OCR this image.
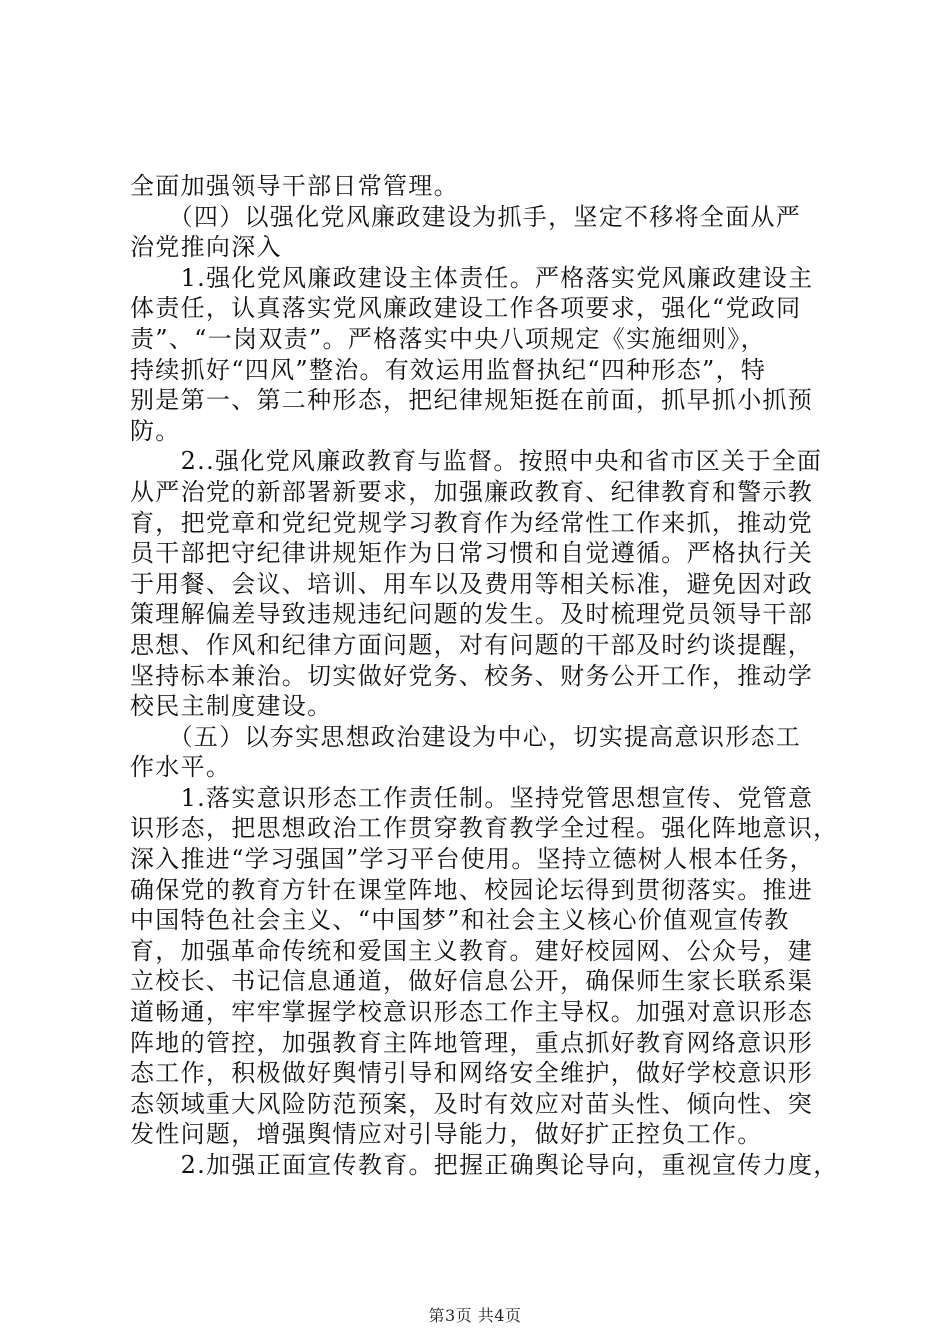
全面加强领导干部日常管理。
　　（四）以强化党风廉政建设为抓手，坚定不移将全面从严
治党推向深入
　　1.强化党风廉政建设主体责任。严格落实党风廉政建设主
体责任，认真落实党风廉政建设工作各项要求，强化“党政同
责”、“一岗双责”。严格落实中央八项规定《实施细则》，
持续抓好“四风”整治。有效运用监督执纪“四种形态”，特
别是第一、第二种形态，把纪律规矩挺在前面，抓早抓小抓预
防。
　　2..强化党风廉政教育与监督。按照中央和省市区关于全面
从严治党的新部署新要求，加强廉政教育、纪律教育和警示教
育，把党章和党纪党规学习教育作为经常性工作来抓，推动党
员干部把守纪律讲规矩作为日常习惯和自觉遵循。严格执行关
于用餐、会议、培训、用车以及费用等相关标准，避免因对政
策理解偏差导致违规违纪问题的发生。及时梳理党员领导干部
思想、作风和纪律方面问题，对有问题的干部及时约谈提醒，
坚持标本兼治。切实做好党务、校务、财务公开工作，推动学
校民主制度建设。
　　（五）以夯实思想政治建设为中心，切实提高意识形态工
作水平。
　　1.落实意识形态工作责任制。坚持党管思想宣传、党管意
识形态，把思想政治工作贯穿教育教学全过程。强化阵地意识，
深入推进“学习强国”学习平台使用。坚持立德树人根本任务，
确保党的教育方针在课堂阵地、校园论坛得到贯彻落实。推进
中国特色社会主义、“中国梦”和社会主义核心价值观宣传教
育，加强革命传统和爱国主义教育。建好校园网、公众号，建
立校长、书记信息通道，做好信息公开，确保师生家长联系渠
道畅通，牢牢掌握学校意识形态工作主导权。加强对意识形态
阵地的管控，加强教育主阵地管理，重点抓好教育网络意识形
态工作，积极做好舆情引导和网络安全维护，做好学校意识形
态领域重大风险防范预案，及时有效应对苗头性、倾向性、突
发性问题，增强舆情应对引导能力，做好扩正控负工作。
　　2.加强正面宣传教育。把握正确舆论导向，重视宣传力度，
第3页 共4页
